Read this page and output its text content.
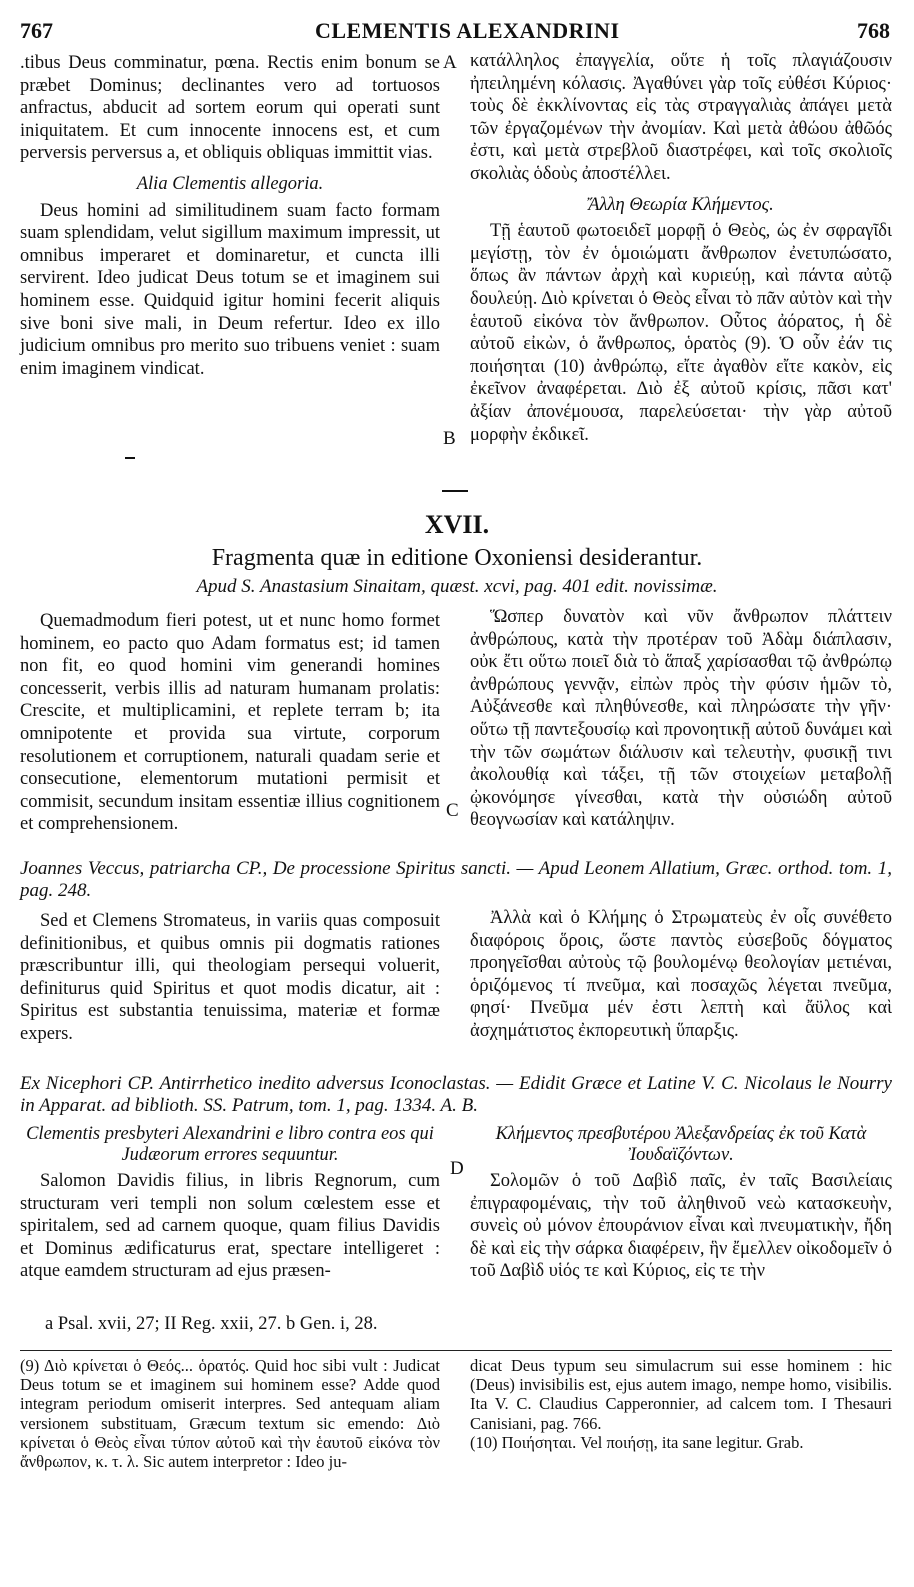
767	CLEMENTIS ALEXANDRINI	768

.tibus Deus comminatur, pœna. Rectis enim bonum se præbet Dominus; declinantes vero ad tortuosos anfractus, abducit ad sortem eorum qui operati sunt iniquitatem. Et cum innocente innocens est, et cum perversis perversus a, et obliquis obliquas immittit vias.

Alia Clementis allegoria.

Deus homini ad similitudinem suam facto formam suam splendidam, velut sigillum maximum impressit, ut omnibus imperaret et dominaretur, et cuncta illi servirent. Ideo judicat Deus totum se et imaginem sui hominem esse. Quidquid igitur homini fecerit aliquis sive boni sive mali, in Deum refertur. Ideo ex illo judicium omnibus pro merito suo tribuens veniet : suam enim imaginem vindicat.

κατάλληλος ἐπαγγελία, οὕτε ἡ τοῖς πλαγιάζουσιν ἠπειλημένη κόλασις. Ἀγαθύνει γὰρ τοῖς εὐθέσι Κύριος· τοὺς δὲ ἐκκλίνοντας εἰς τὰς στραγγαλιὰς ἀπάγει μετὰ τῶν ἐργαζομένων τὴν ἀνομίαν. Καὶ μετὰ ἀθώου ἀθῶός ἐστι, καὶ μετὰ στρεβλοῦ διαστρέφει, καὶ τοῖς σκολιοῖς σκολιὰς ὁδοὺς ἀποστέλλει.

Ἄλλη Θεωρία Κλήμεντος.

Τῇ ἑαυτοῦ φωτοειδεῖ μορφῇ ὁ Θεὸς, ὡς ἐν σφραγῖδι μεγίστῃ, τὸν ἐν ὁμοιώματι ἄνθρωπον ἐνετυπώσατο, ὅπως ἂν πάντων ἀρχὴ καὶ κυριεύῃ, καὶ πάντα αὐτῷ δουλεύῃ. Διὸ κρίνεται ὁ Θεὸς εἶναι τὸ πᾶν αὐτὸν καὶ τὴν ἑαυτοῦ εἰκόνα τὸν ἄνθρωπον. Οὗτος ἀόρατος, ἡ δὲ αὐτοῦ εἰκὼν, ὁ ἄνθρωπος, ὁρατὸς (9). Ὁ οὖν ἐάν τις ποιήσηται (10) ἀνθρώπῳ, εἴτε ἀγαθὸν εἴτε κακὸν, εἰς ἐκεῖνον ἀναφέρεται. Διὸ ἐξ αὐτοῦ κρίσις, πᾶσι κατ' ἀξίαν ἀπονέμουσα, παρελεύσεται· τὴν γὰρ αὐτοῦ μορφὴν ἐκδικεῖ.

A
B
C
D
XVII.
Fragmenta quæ in editione Oxoniensi desiderantur.
Apud S. Anastasium Sinaitam, quæst. xcvi, pag. 401 edit. novissimæ.

Quemadmodum fieri potest, ut et nunc homo formet hominem, eo pacto quo Adam formatus est; id tamen non fit, eo quod homini vim generandi homines concesserit, verbis illis ad naturam humanam prolatis: Crescite, et multiplicamini, et replete terram b; ita omnipotente et provida sua virtute, corporum resolutionem et corruptionem, naturali quadam serie et consecutione, elementorum mutationi permisit et commisit, secundum insitam essentiæ illius cognitionem et comprehensionem.

Ὥσπερ δυνατὸν καὶ νῦν ἄνθρωπον πλάττειν ἀνθρώπους, κατὰ τὴν προτέραν τοῦ Ἀδὰμ διάπλασιν, οὐκ ἔτι οὕτω ποιεῖ διὰ τὸ ἅπαξ χαρίσασθαι τῷ ἀνθρώπῳ ἀνθρώπους γεννᾷν, εἰπὼν πρὸς τὴν φύσιν ἡμῶν τὸ, Αὐξάνεσθε καὶ πληθύνεσθε, καὶ πληρώσατε τὴν γῆν· οὕτω τῇ παντεξουσίῳ καὶ προνοητικῇ αὐτοῦ δυνάμει καὶ τὴν τῶν σωμάτων διάλυσιν καὶ τελευτὴν, φυσικῇ τινι ἀκολουθίᾳ καὶ τάξει, τῇ τῶν στοιχείων μεταβολῇ ᾠκονόμησε γίνεσθαι, κατὰ τὴν οὐσιώδη αὐτοῦ θεογνωσίαν καὶ κατάληψιν.

Joannes Veccus, patriarcha CP., De processione Spiritus sancti. — Apud Leonem Allatium, Græc. orthod. tom. 1, pag. 248.

Sed et Clemens Stromateus, in variis quas composuit definitionibus, et quibus omnis pii dogmatis rationes præscribuntur illi, qui theologiam persequi voluerit, definiturus quid Spiritus et quot modis dicatur, ait : Spiritus est substantia tenuissima, materiæ et formæ expers.

Ἀλλὰ καὶ ὁ Κλήμης ὁ Στρωματεὺς ἐν οἷς συνέθετο διαφόροις ὅροις, ὥστε παντὸς εὐσεβοῦς δόγματος προηγεῖσθαι αὐτοὺς τῷ βουλομένῳ θεολογίαν μετιέναι, ὁριζόμενος τί πνεῦμα, καὶ ποσαχῶς λέγεται πνεῦμα, φησί· Πνεῦμα μέν ἐστι λεπτὴ καὶ ἄϋλος καὶ ἀσχημάτιστος ἐκπορευτικὴ ὕπαρξις.

Ex Nicephori CP. Antirrhetico inedito adversus Iconoclastas. — Edidit Græce et Latine V. C. Nicolaus le Nourry in Apparat. ad biblioth. SS. Patrum, tom. 1, pag. 1334. A. B.

Clementis presbyteri Alexandrini e libro contra eos qui Judæorum errores sequuntur.

Salomon Davidis filius, in libris Regnorum, cum structuram veri templi non solum cœlestem esse et spiritalem, sed ad carnem quoque, quam filius Davidis et Dominus ædificaturus erat, spectare intelligeret : atque eamdem structuram ad ejus præsen-

Κλήμεντος πρεσβυτέρου Ἀλεξανδρείας ἐκ τοῦ Κατὰ Ἰουδαϊζόντων.

Σολομῶν ὁ τοῦ Δαβὶδ παῖς, ἐν ταῖς Βασιλείαις ἐπιγραφομέναις, τὴν τοῦ ἀληθινοῦ νεὼ κατασκευὴν, συνεὶς οὐ μόνον ἐπουράνιον εἶναι καὶ πνευματικὴν, ἤδη δὲ καὶ εἰς τὴν σάρκα διαφέρειν, ἣν ἔμελλεν οἰκοδομεῖν ὁ τοῦ Δαβὶδ υἱός τε καὶ Κύριος, εἰς τε τὴν

a Psal. xvii, 27; II Reg. xxii, 27. b Gen. i, 28.

(9) Διὸ κρίνεται ὁ Θεός... ὁρατός. Quid hoc sibi vult : Judicat Deus totum se et imaginem sui hominem esse? Adde quod integram periodum omiserit interpres. Sed antequam aliam versionem substituam, Græcum textum sic emendo: Διὸ κρίνεται ὁ Θεὸς εἶναι τύπον αὐτοῦ καὶ τὴν ἑαυτοῦ εἰκόνα τὸν ἄνθρωπον, κ. τ. λ. Sic autem interpretor : Ideo ju-

dicat Deus typum seu simulacrum sui esse hominem : hic (Deus) invisibilis est, ejus autem imago, nempe homo, visibilis. Ita V. C. Claudius Capperonnier, ad calcem tom. I Thesauri Canisiani, pag. 766.

(10) Ποιήσηται. Vel ποιήσῃ, ita sane legitur. Grab.
